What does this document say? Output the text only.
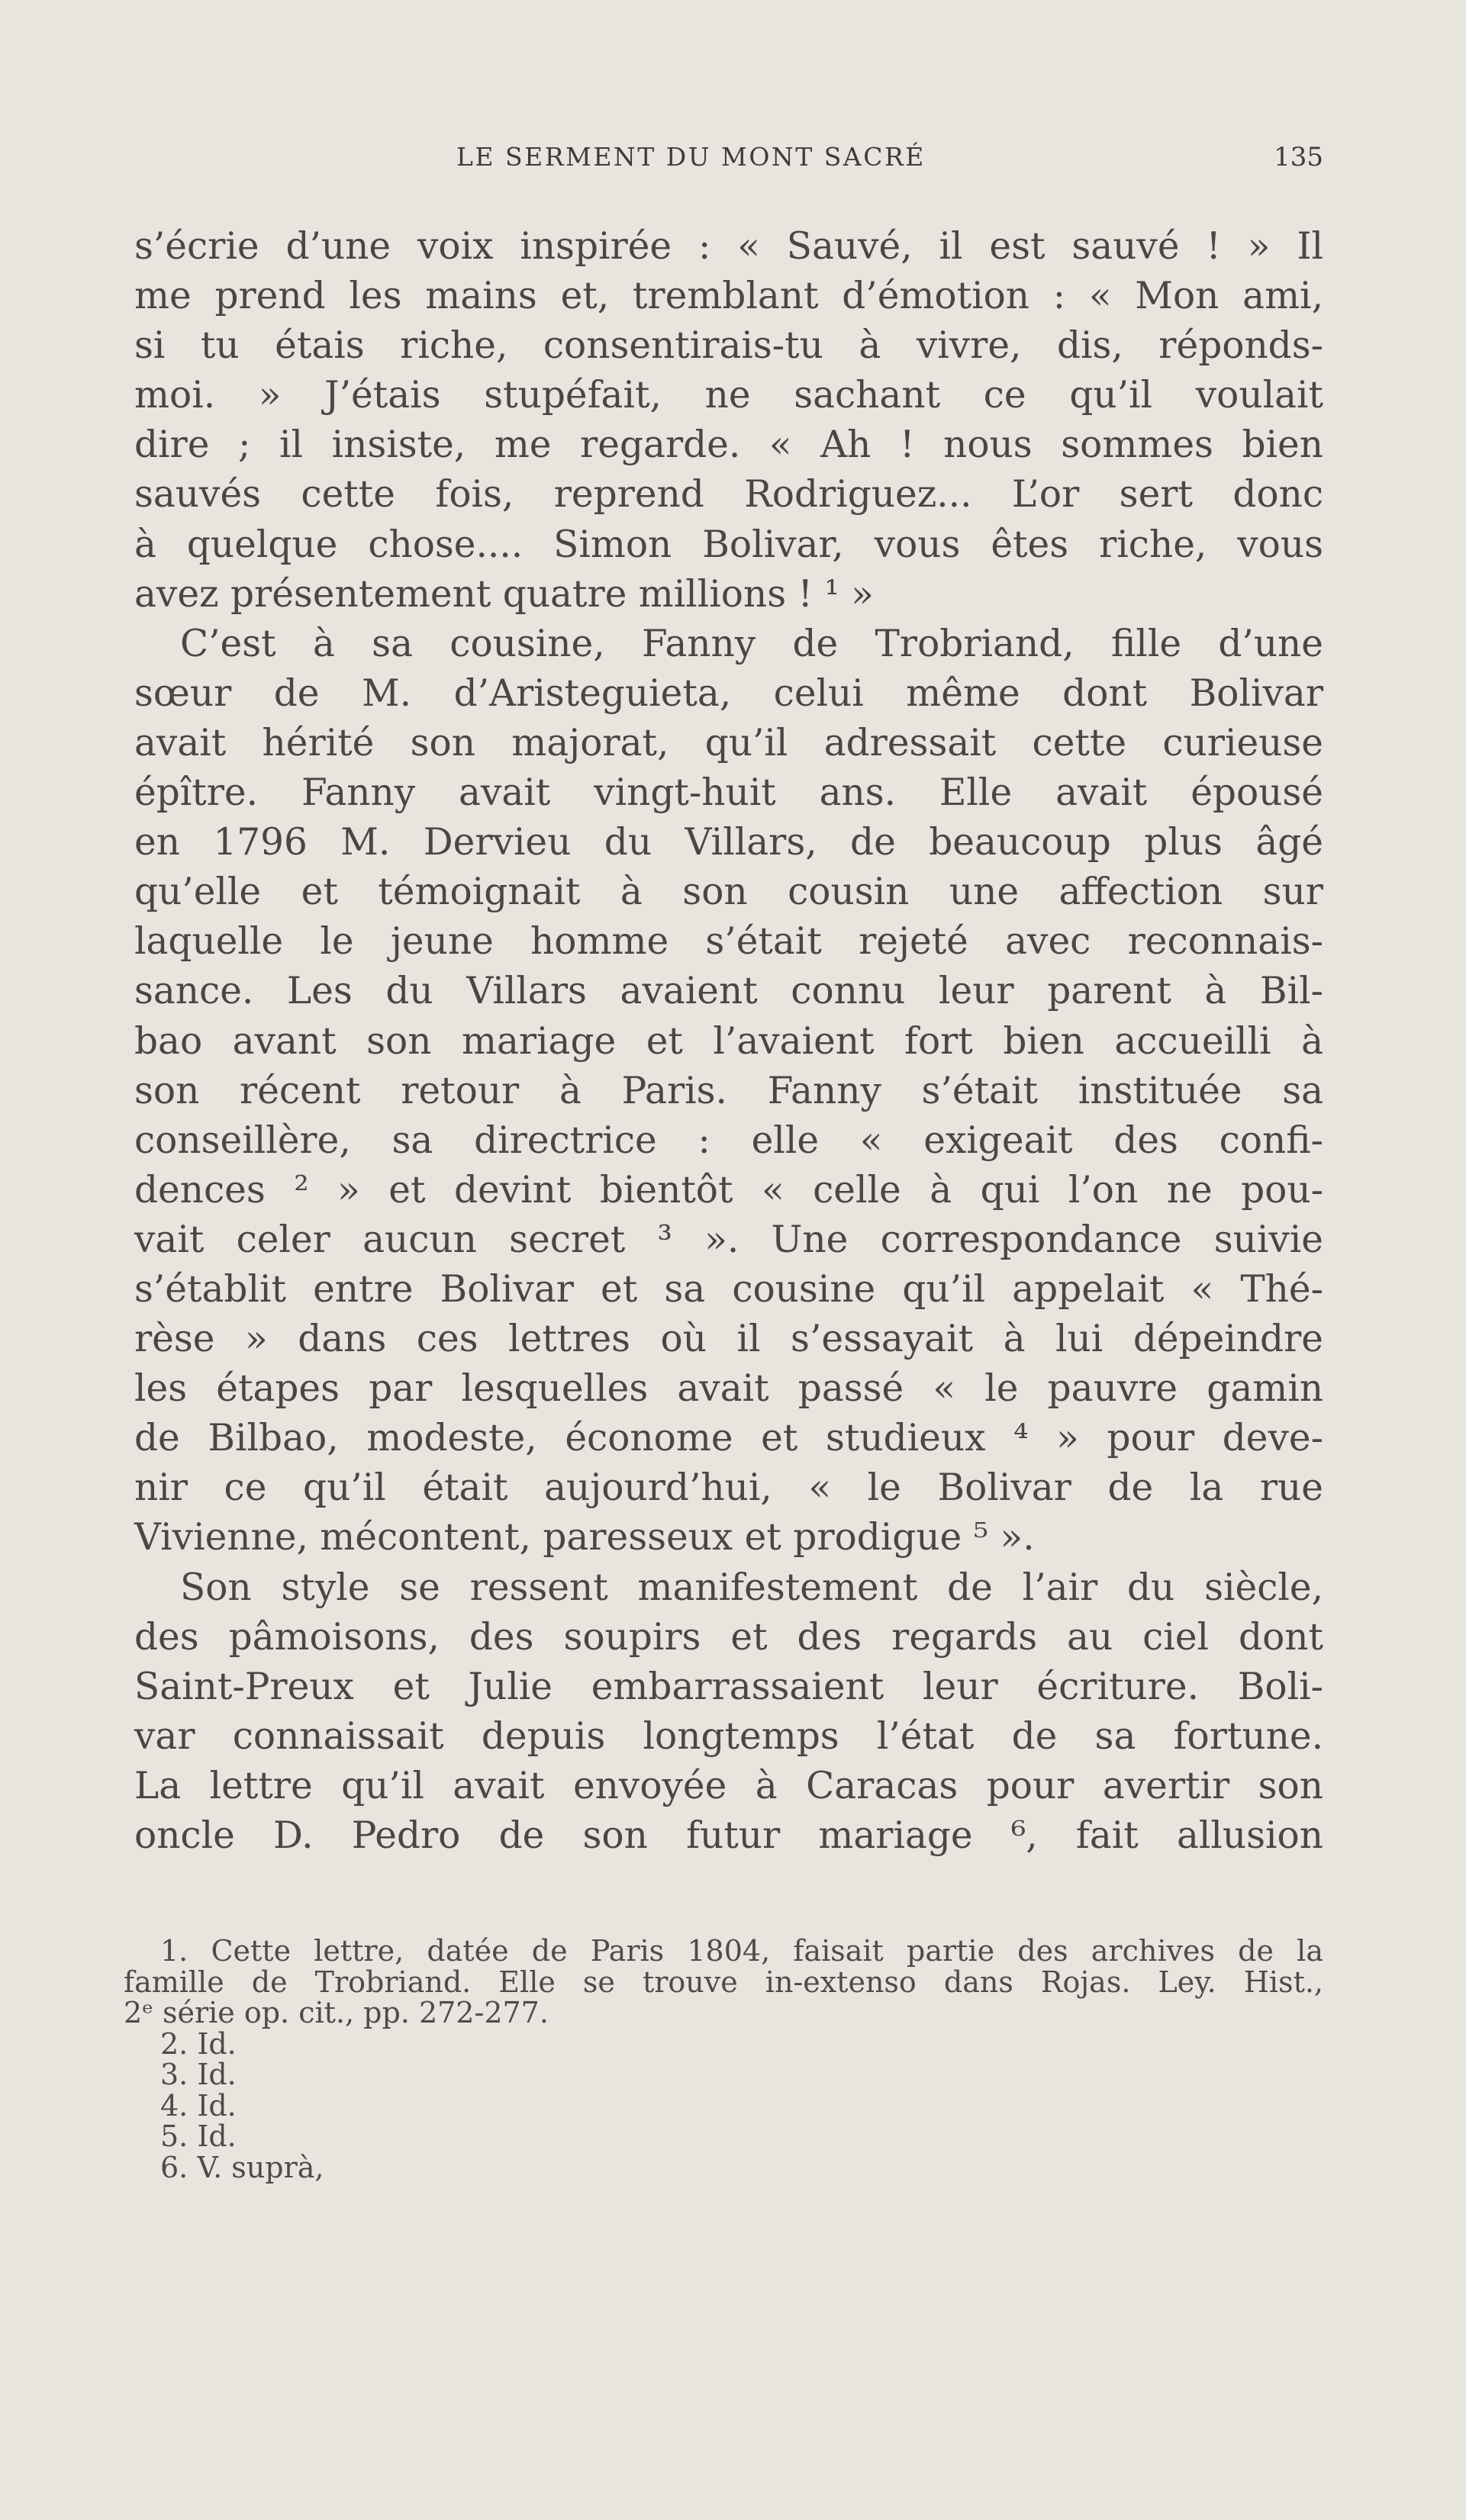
LE SERMENT DU MONT SACRÉ	135
s’écrie d’une voix inspirée : « Sauvé, il est sauvé ! » Il
me prend les mains et, tremblant d’émotion : « Mon ami,
si tu étais riche, consentirais-tu à vivre, dis, réponds-
moi. » J’étais stupéfait, ne sachant ce qu’il voulait
dire ; il insiste, me regarde. « Ah ! nous sommes bien
sauvés cette fois, reprend Rodriguez... L’or sert donc
à quelque chose.... Simon Bolivar, vous êtes riche, vous
avez présentement quatre millions ! ¹ »
C’est à sa cousine, Fanny de Trobriand, fille d’une
sœur de M. d’Aristeguieta, celui même dont Bolivar
avait hérité son majorat, qu’il adressait cette curieuse
épître. Fanny avait vingt-huit ans. Elle avait épousé
en 1796 M. Dervieu du Villars, de beaucoup plus âgé
qu’elle et témoignait à son cousin une affection sur
laquelle le jeune homme s’était rejeté avec reconnais-
sance. Les du Villars avaient connu leur parent à Bil-
bao avant son mariage et l’avaient fort bien accueilli à
son récent retour à Paris. Fanny s’était instituée sa
conseillère, sa directrice : elle « exigeait des confi-
dences ² » et devint bientôt « celle à qui l’on ne pou-
vait celer aucun secret ³ ». Une correspondance suivie
s’établit entre Bolivar et sa cousine qu’il appelait « Thé-
rèse » dans ces lettres où il s’essayait à lui dépeindre
les étapes par lesquelles avait passé « le pauvre gamin
de Bilbao, modeste, économe et studieux ⁴ » pour deve-
nir ce qu’il était aujourd’hui, « le Bolivar de la rue
Vivienne, mécontent, paresseux et prodigue ⁵ ».
Son style se ressent manifestement de l’air du siècle,
des pâmoisons, des soupirs et des regards au ciel dont
Saint-Preux et Julie embarrassaient leur écriture. Boli-
var connaissait depuis longtemps l’état de sa fortune.
La lettre qu’il avait envoyée à Caracas pour avertir son
oncle D. Pedro de son futur mariage ⁶, fait allusion
1. Cette lettre, datée de Paris 1804, faisait partie des archives de la
famille de Trobriand. Elle se trouve in-extenso dans Rojas. Ley. Hist.,
2ᵉ série op. cit., pp. 272-277.
2. Id.
3. Id.
4. Id.
5. Id.
6. V. suprà,
